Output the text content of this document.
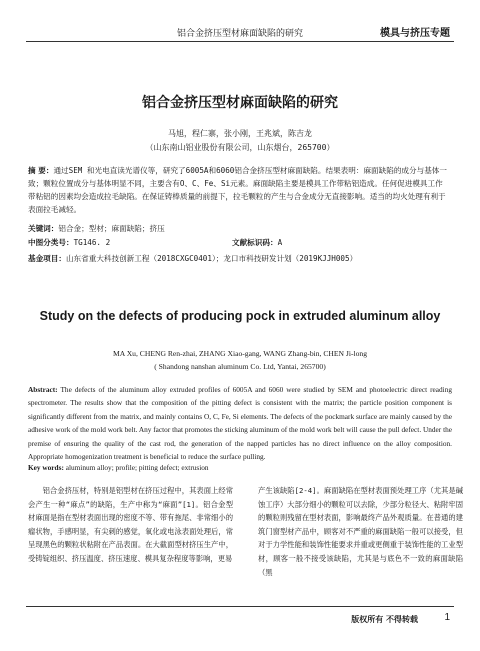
铝合金挤压型材麻面缺陷的研究	模具与挤压专题
铝合金挤压型材麻面缺陷的研究
马旭，程仁寨，张小刚，王兆斌，陈吉龙
（山东南山铝业股份有限公司，山东烟台，265700）
摘 要：通过SEM 和光电直读光谱仪等，研究了6005A和6060铝合金挤压型材麻面缺陷。结果表明：麻面缺陷的成分与基体一致；颗粒位置成分与基体明显不同，主要含有O、C、Fe、Si元素。麻面缺陷主要是模具工作带粘铝造成。任何促进模具工作带粘铝的因素均会造成拉毛缺陷。在保证铸棒质量的前提下，拉毛颗粒的产生与合金成分无直接影响。适当的均火处理有利于表面拉毛减轻。
关键词：铝合金；型材；麻面缺陷；挤压
中图分类号：TG146. 2	文献标识码：A
基金项目：山东省重大科技创新工程（2018CXGC0401）；龙口市科技研发计划（2019KJJH005）
Study on the defects of producing pock in extruded aluminum alloy
MA Xu, CHENG Ren-zhai, ZHANG Xiao-gang, WANG Zhang-bin, CHEN Ji-long
( Shandong nanshan aluminum Co. Ltd, Yantai, 265700)
Abstract: The defects of the aluminum alloy extruded profiles of 6005A and 6060 were studied by SEM and photoelectric direct reading spectrometer. The results show that the composition of the pitting defect is consistent with the matrix; the particle position component is significantly different from the matrix, and mainly contains O, C, Fe, Si elements. The defects of the pockmark surface are mainly caused by the adhesive work of the mold work belt. Any factor that promotes the sticking aluminum of the mold work belt will cause the pull defect. Under the premise of ensuring the quality of the cast rod, the generation of the napped particles has no direct influence on the alloy composition. Appropriate homogenization treatment is beneficial to reduce the surface pulling.
Key words: aluminum alloy; profile; pitting defect; extrusion
铝合金挤压材，特别是铝型材在挤压过程中，其表面上经常会产生一种“麻点”的缺陷，生产中称为“麻面”[1]。铝合金型材麻面是指在型材表面出现的密度不等、带有拖尾、非常细小的瘤状物，手感明显，有尖刺的感觉，氧化或电泳表面处理后，常呈现黑色的颗粒状粘附在产品表面。在大截面型材挤压生产中，受铸锭组织、挤压温度、挤压速度、模具复杂程度等影响，更易
产生该缺陷[2-4]。麻面缺陷在型材表面预处理工序（尤其是碱蚀工序）大部分细小的颗粒可以去除，少部分粒径大、粘附牢固的颗粒则残留在型材表面，影响最终产品外观质量。在普通的建筑门窗型材产品中，顾客对不严重的麻面缺陷一般可以接受，但对于力学性能和装饰性能要求并重或更侧重于装饰性能的工业型材，顾客一般不接受该缺陷，尤其是与底色不一致的麻面缺陷（黑
版权所有 不得转载	1
